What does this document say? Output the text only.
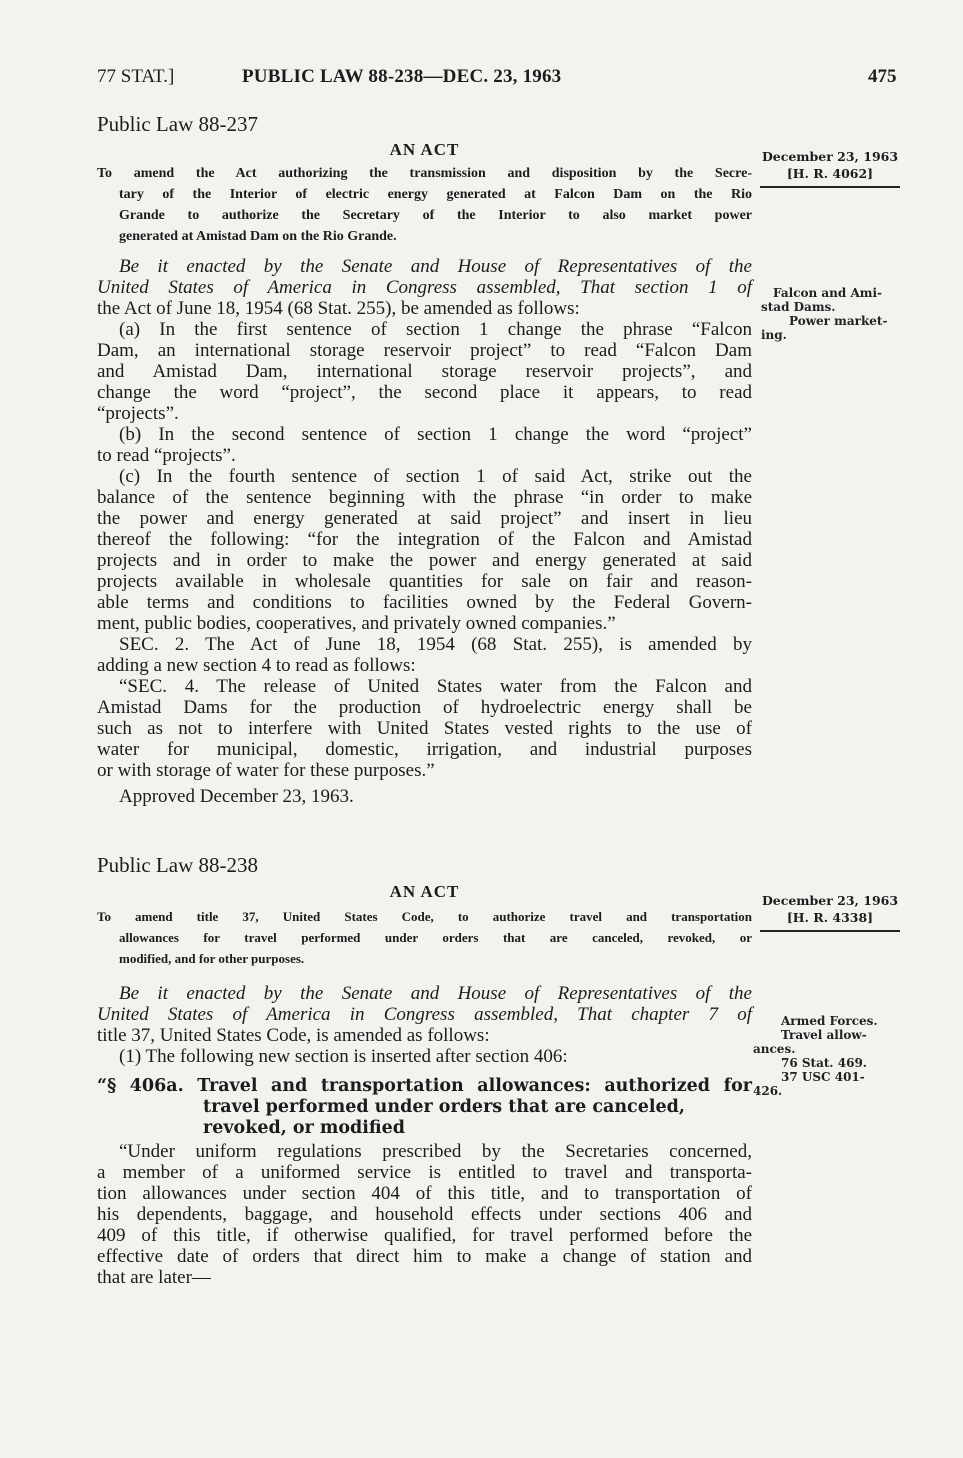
77 STAT.]	PUBLIC LAW 88-238—DEC. 23, 1963	475
Public Law 88-237
AN ACT
To amend the Act authorizing the transmission and disposition by the Secre-
tary of the Interior of electric energy generated at Falcon Dam on the Rio
Grande to authorize the Secretary of the Interior to also market power
generated at Amistad Dam on the Rio Grande.
December 23, 1963
[H. R. 4062]
Falcon and Ami-
stad Dams.
Power market-
ing.
Be it enacted by the Senate and House of Representatives of the
United States of America in Congress assembled, That section 1 of
the Act of June 18, 1954 (68 Stat. 255), be amended as follows:
(a) In the first sentence of section 1 change the phrase “Falcon
Dam, an international storage reservoir project” to read “Falcon Dam
and Amistad Dam, international storage reservoir projects”, and
change the word “project”, the second place it appears, to read
“projects”.
(b) In the second sentence of section 1 change the word “project”
to read “projects”.
(c) In the fourth sentence of section 1 of said Act, strike out the
balance of the sentence beginning with the phrase “in order to make
the power and energy generated at said project” and insert in lieu
thereof the following: “for the integration of the Falcon and Amistad
projects and in order to make the power and energy generated at said
projects available in wholesale quantities for sale on fair and reason-
able terms and conditions to facilities owned by the Federal Govern-
ment, public bodies, cooperatives, and privately owned companies.”
SEC. 2. The Act of June 18, 1954 (68 Stat. 255), is amended by
adding a new section 4 to read as follows:
“SEC. 4. The release of United States water from the Falcon and
Amistad Dams for the production of hydroelectric energy shall be
such as not to interfere with United States vested rights to the use of
water for municipal, domestic, irrigation, and industrial purposes
or with storage of water for these purposes.”
Approved December 23, 1963.
Public Law 88-238
AN ACT
To amend title 37, United States Code, to authorize travel and transportation
allowances for travel performed under orders that are canceled, revoked, or
modified, and for other purposes.
December 23, 1963
[H. R. 4338]
Armed Forces.
Travel allow-
ances.
76 Stat. 469.
37 USC 401-
426.
Be it enacted by the Senate and House of Representatives of the
United States of America in Congress assembled, That chapter 7 of
title 37, United States Code, is amended as follows:
(1) The following new section is inserted after section 406:
“§ 406a. Travel and transportation allowances: authorized for
travel performed under orders that are canceled,
revoked, or modified
“Under uniform regulations prescribed by the Secretaries concerned,
a member of a uniformed service is entitled to travel and transporta-
tion allowances under section 404 of this title, and to transportation of
his dependents, baggage, and household effects under sections 406 and
409 of this title, if otherwise qualified, for travel performed before the
effective date of orders that direct him to make a change of station and
that are later—
